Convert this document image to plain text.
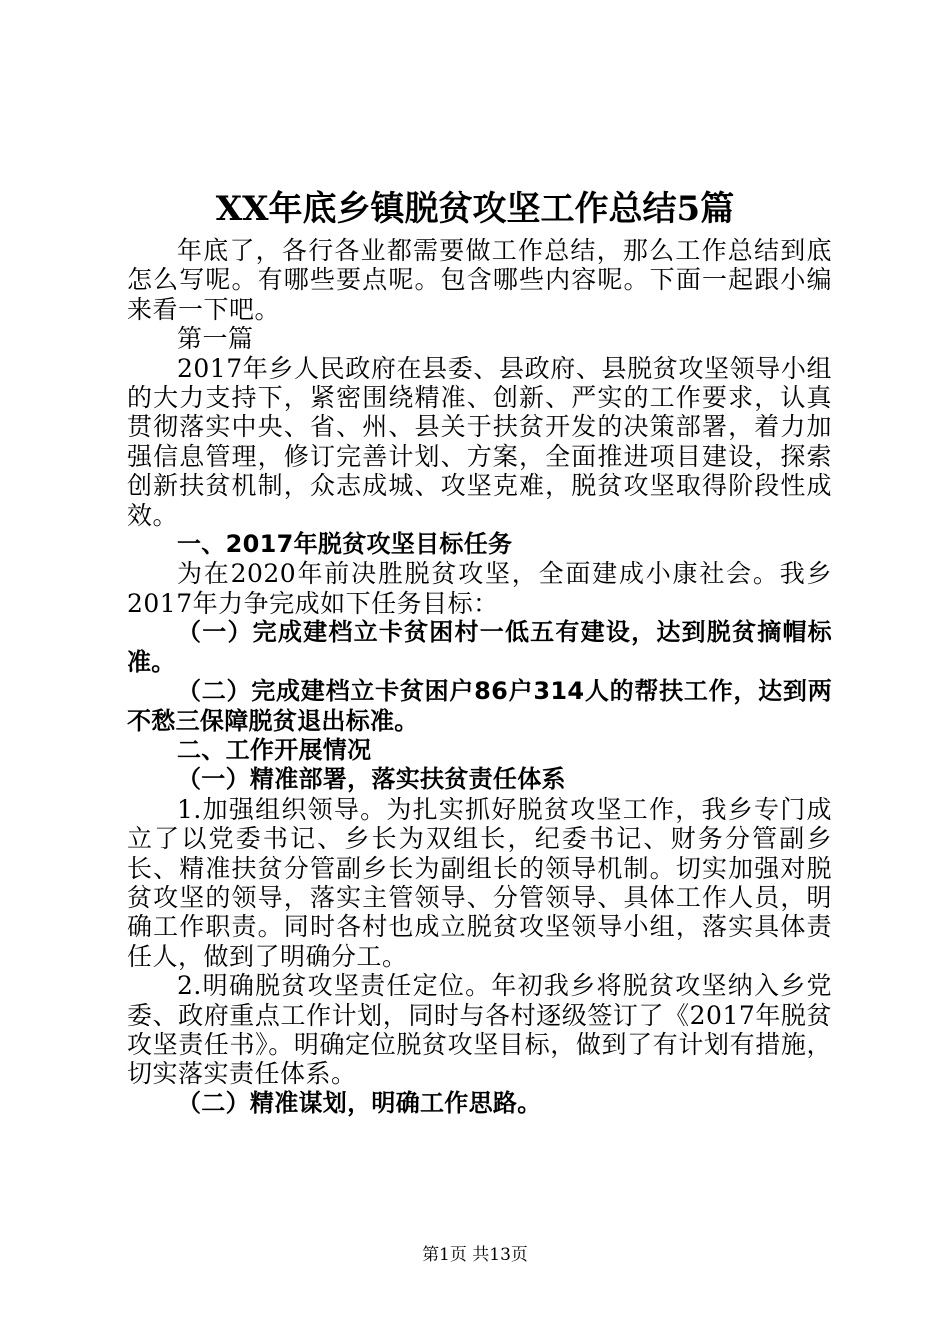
XX年底乡镇脱贫攻坚工作总结5篇

年底了，各行各业都需要做工作总结，那么工作总结到底怎么写呢。有哪些要点呢。包含哪些内容呢。下面一起跟小编来看一下吧。

第一篇

2017年乡人民政府在县委、县政府、县脱贫攻坚领导小组的大力支持下，紧密围绕精准、创新、严实的工作要求，认真贯彻落实中央、省、州、县关于扶贫开发的决策部署，着力加强信息管理，修订完善计划、方案，全面推进项目建设，探索创新扶贫机制，众志成城、攻坚克难，脱贫攻坚取得阶段性成效。

一、2017年脱贫攻坚目标任务

为在2020年前决胜脱贫攻坚，全面建成小康社会。我乡2017年力争完成如下任务目标：

（一）完成建档立卡贫困村一低五有建设，达到脱贫摘帽标准。

（二）完成建档立卡贫困户86户314人的帮扶工作，达到两不愁三保障脱贫退出标准。

二、工作开展情况

（一）精准部署，落实扶贫责任体系

1.加强组织领导。为扎实抓好脱贫攻坚工作，我乡专门成立了以党委书记、乡长为双组长，纪委书记、财务分管副乡长、精准扶贫分管副乡长为副组长的领导机制。切实加强对脱贫攻坚的领导，落实主管领导、分管领导、具体工作人员，明确工作职责。同时各村也成立脱贫攻坚领导小组，落实具体责任人，做到了明确分工。

2.明确脱贫攻坚责任定位。年初我乡将脱贫攻坚纳入乡党委、政府重点工作计划，同时与各村逐级签订了《2017年脱贫攻坚责任书》。明确定位脱贫攻坚目标，做到了有计划有措施，切实落实责任体系。

（二）精准谋划，明确工作思路。

第1页 共13页
